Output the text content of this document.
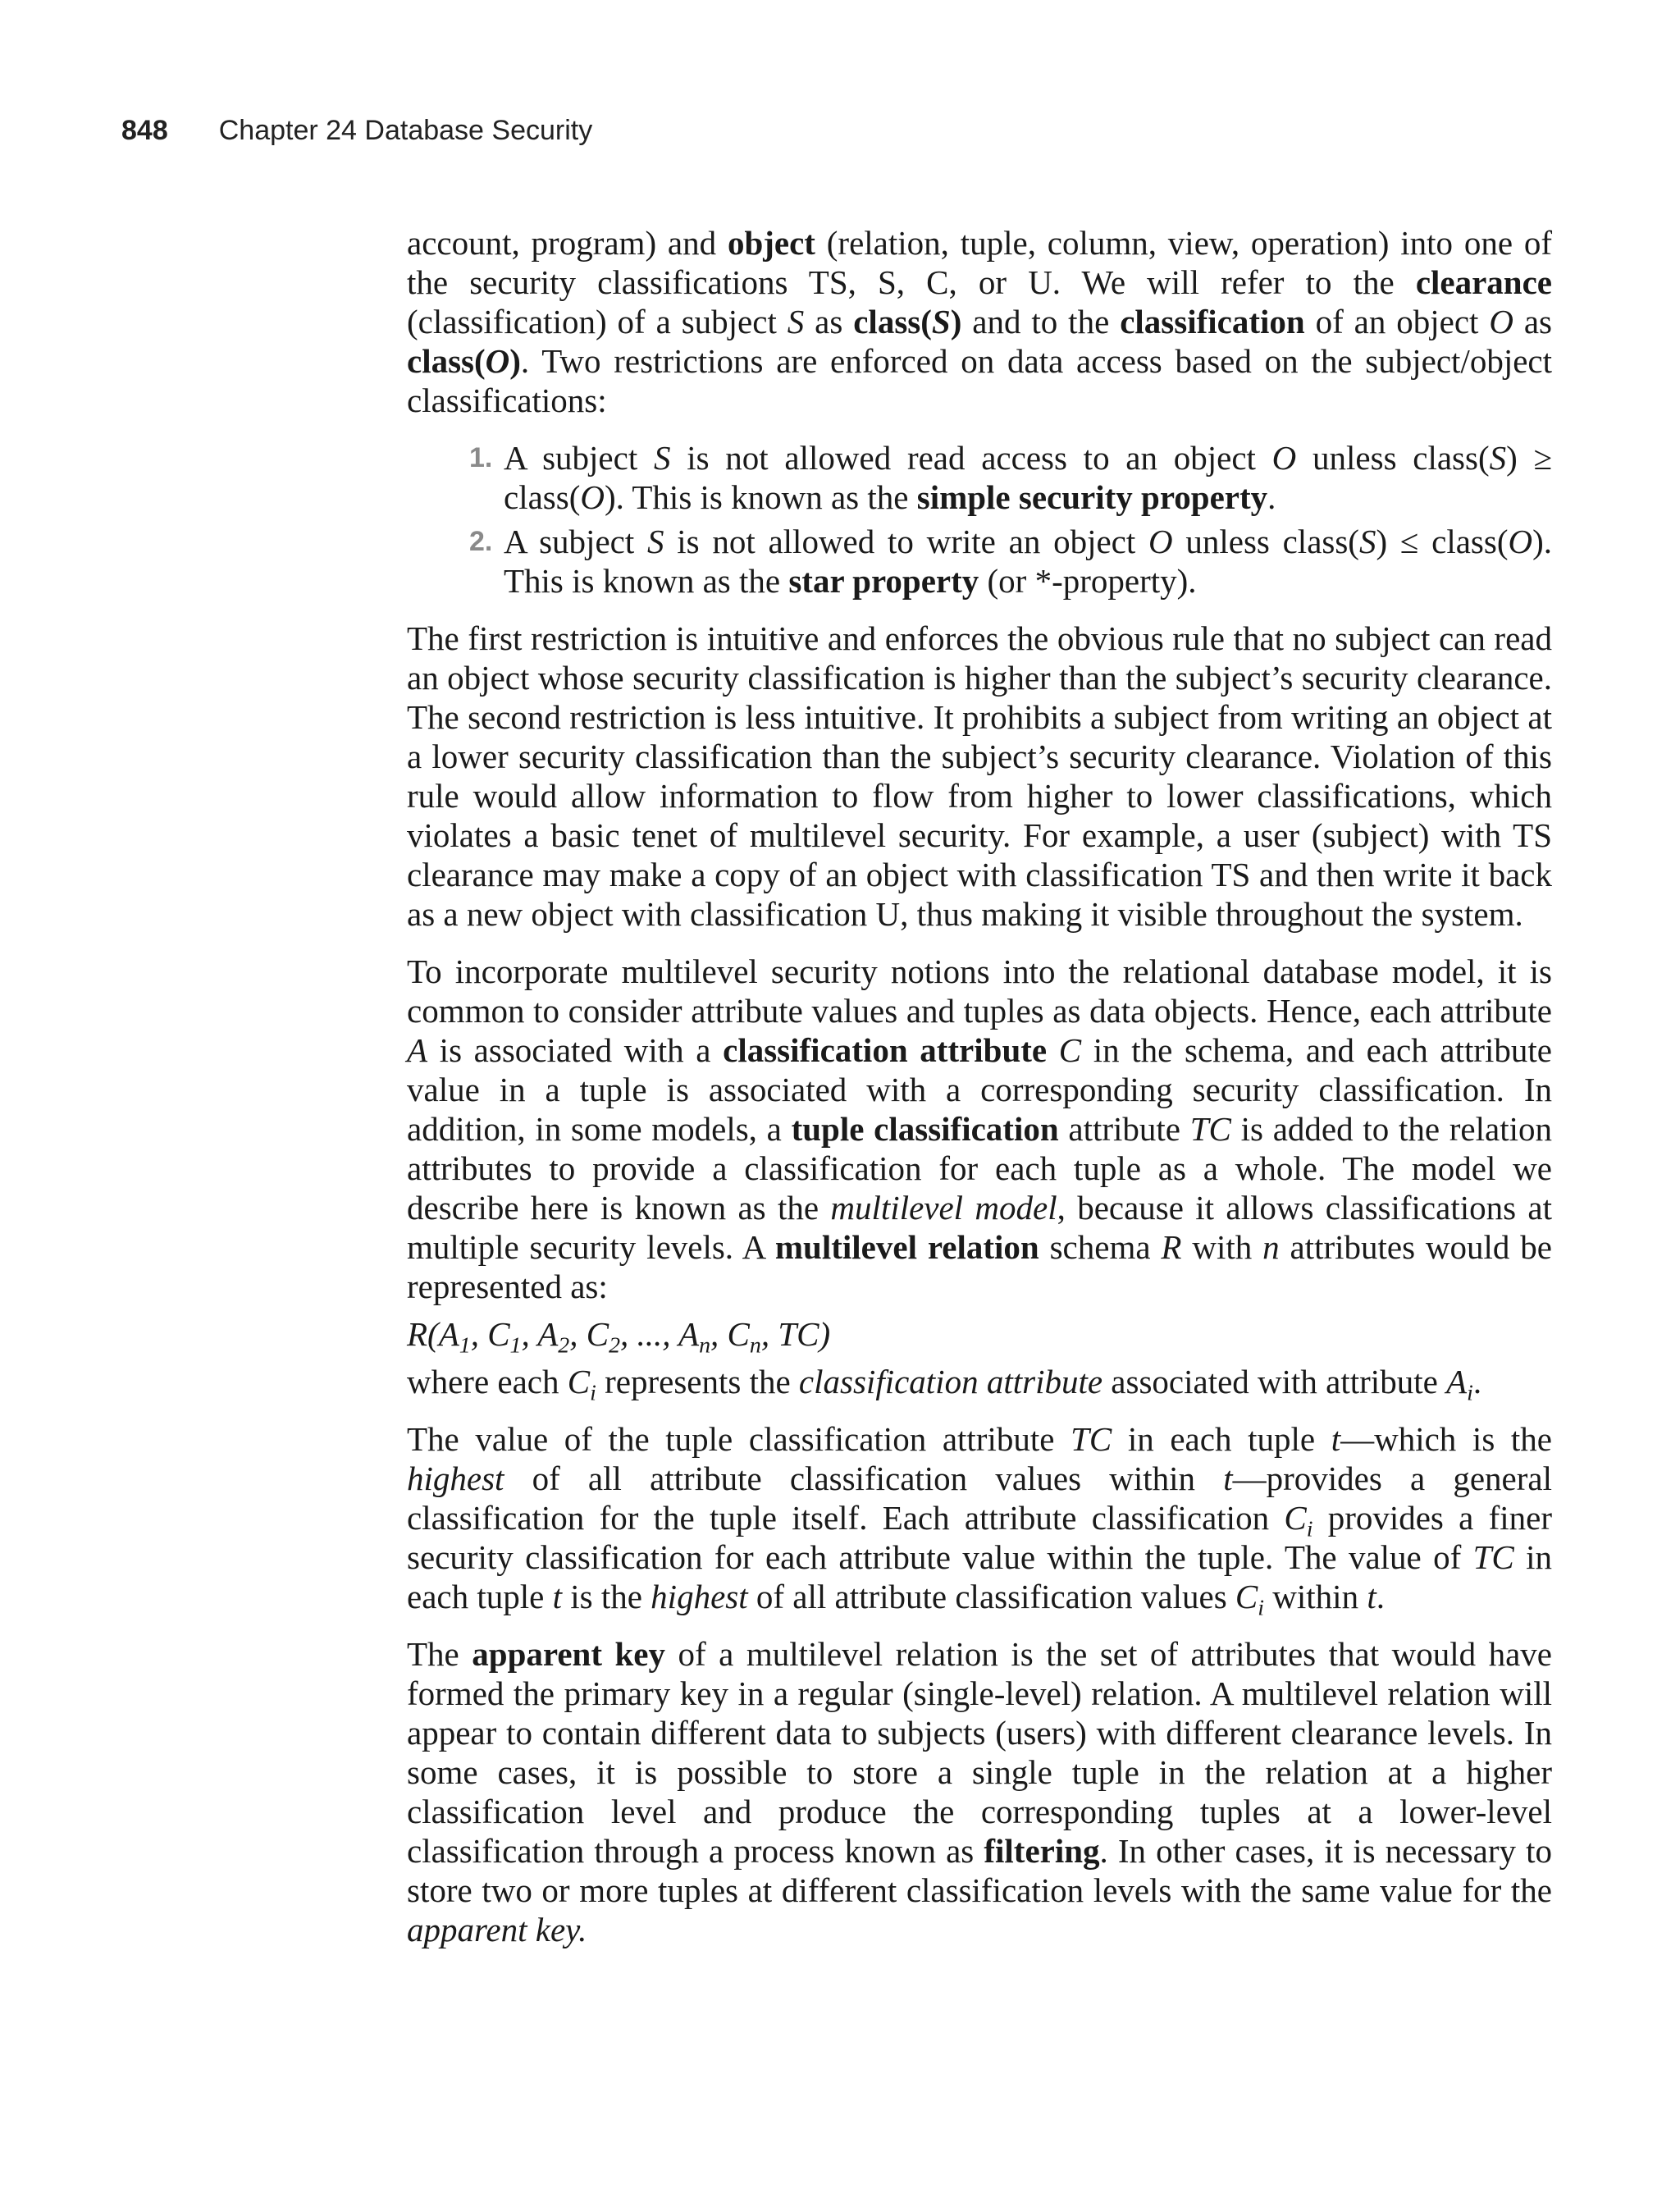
848 Chapter 24 Database Security

account, program) and object (relation, tuple, column, view, operation) into one of the security classifications TS, S, C, or U. We will refer to the clearance (classification) of a subject S as class(S) and to the classification of an object O as class(O). Two restrictions are enforced on data access based on the subject/object classifications:

1. A subject S is not allowed read access to an object O unless class(S) ≥ class(O). This is known as the simple security property.
2. A subject S is not allowed to write an object O unless class(S) ≤ class(O). This is known as the star property (or *-property).

The first restriction is intuitive and enforces the obvious rule that no subject can read an object whose security classification is higher than the subject’s security clearance. The second restriction is less intuitive. It prohibits a subject from writing an object at a lower security classification than the subject’s security clearance. Violation of this rule would allow information to flow from higher to lower classifications, which violates a basic tenet of multilevel security. For example, a user (subject) with TS clearance may make a copy of an object with classification TS and then write it back as a new object with classification U, thus making it visible throughout the system.

To incorporate multilevel security notions into the relational database model, it is common to consider attribute values and tuples as data objects. Hence, each attribute A is associated with a classification attribute C in the schema, and each attribute value in a tuple is associated with a corresponding security classification. In addition, in some models, a tuple classification attribute TC is added to the relation attributes to provide a classification for each tuple as a whole. The model we describe here is known as the multilevel model, because it allows classifications at multiple security levels. A multilevel relation schema R with n attributes would be represented as:

$R(A_1$, $C_1$, $A_2$, $C_2$, ..., $A_n$, $C_n$, TC)

where each $C_i$ represents the classification attribute associated with attribute $A_i$.

The value of the tuple classification attribute TC in each tuple t—which is the highest of all attribute classification values within t—provides a general classification for the tuple itself. Each attribute classification $C_i$ provides a finer security classification for each attribute value within the tuple. The value of TC in each tuple t is the highest of all attribute classification values $C_i$ within t.

The apparent key of a multilevel relation is the set of attributes that would have formed the primary key in a regular (single-level) relation. A multilevel relation will appear to contain different data to subjects (users) with different clearance levels. In some cases, it is possible to store a single tuple in the relation at a higher classification level and produce the corresponding tuples at a lower-level classification through a process known as filtering. In other cases, it is necessary to store two or more tuples at different classification levels with the same value for the apparent key.
